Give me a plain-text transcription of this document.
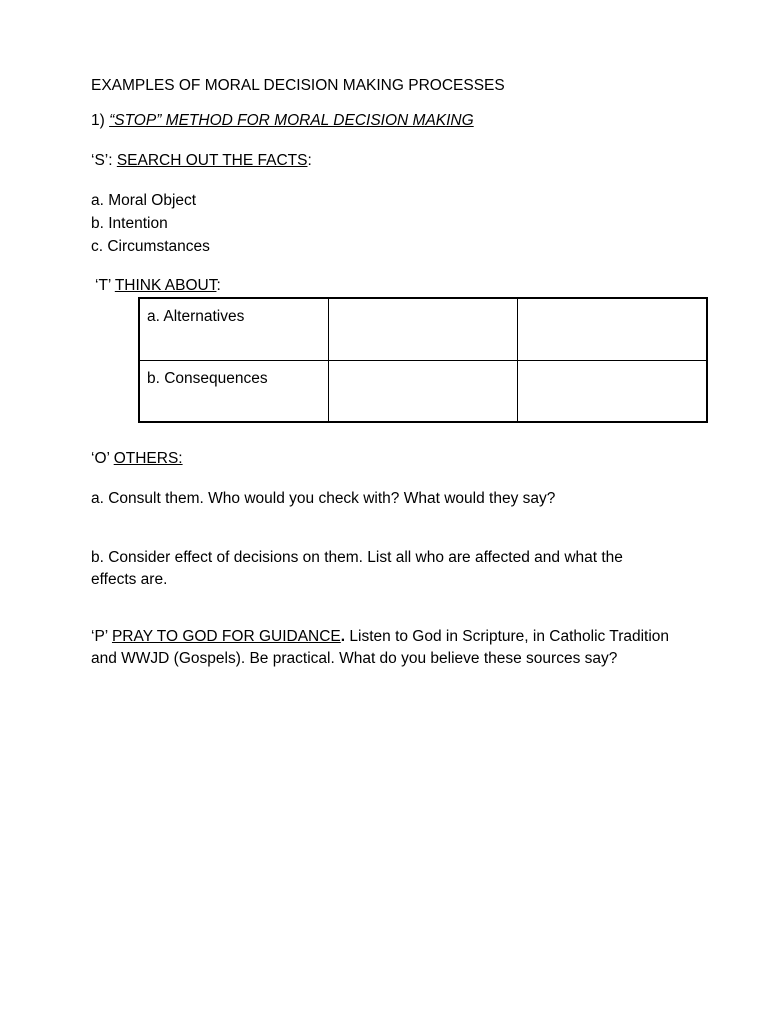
EXAMPLES OF MORAL DECISION MAKING PROCESSES
1) “STOP” METHOD FOR MORAL DECISION MAKING
‘S’: SEARCH OUT THE FACTS:
a. Moral Object
b. Intention
c. Circumstances
‘T’ THINK ABOUT:
a. Alternatives		
b. Consequences		
‘O’ OTHERS:
a. Consult them. Who would you check with? What would they say?
b. Consider effect of decisions on them. List all who are affected and what the effects are.
‘P’ PRAY TO GOD FOR GUIDANCE. Listen to God in Scripture, in Catholic Tradition and WWJD (Gospels). Be practical. What do you believe these sources say?
